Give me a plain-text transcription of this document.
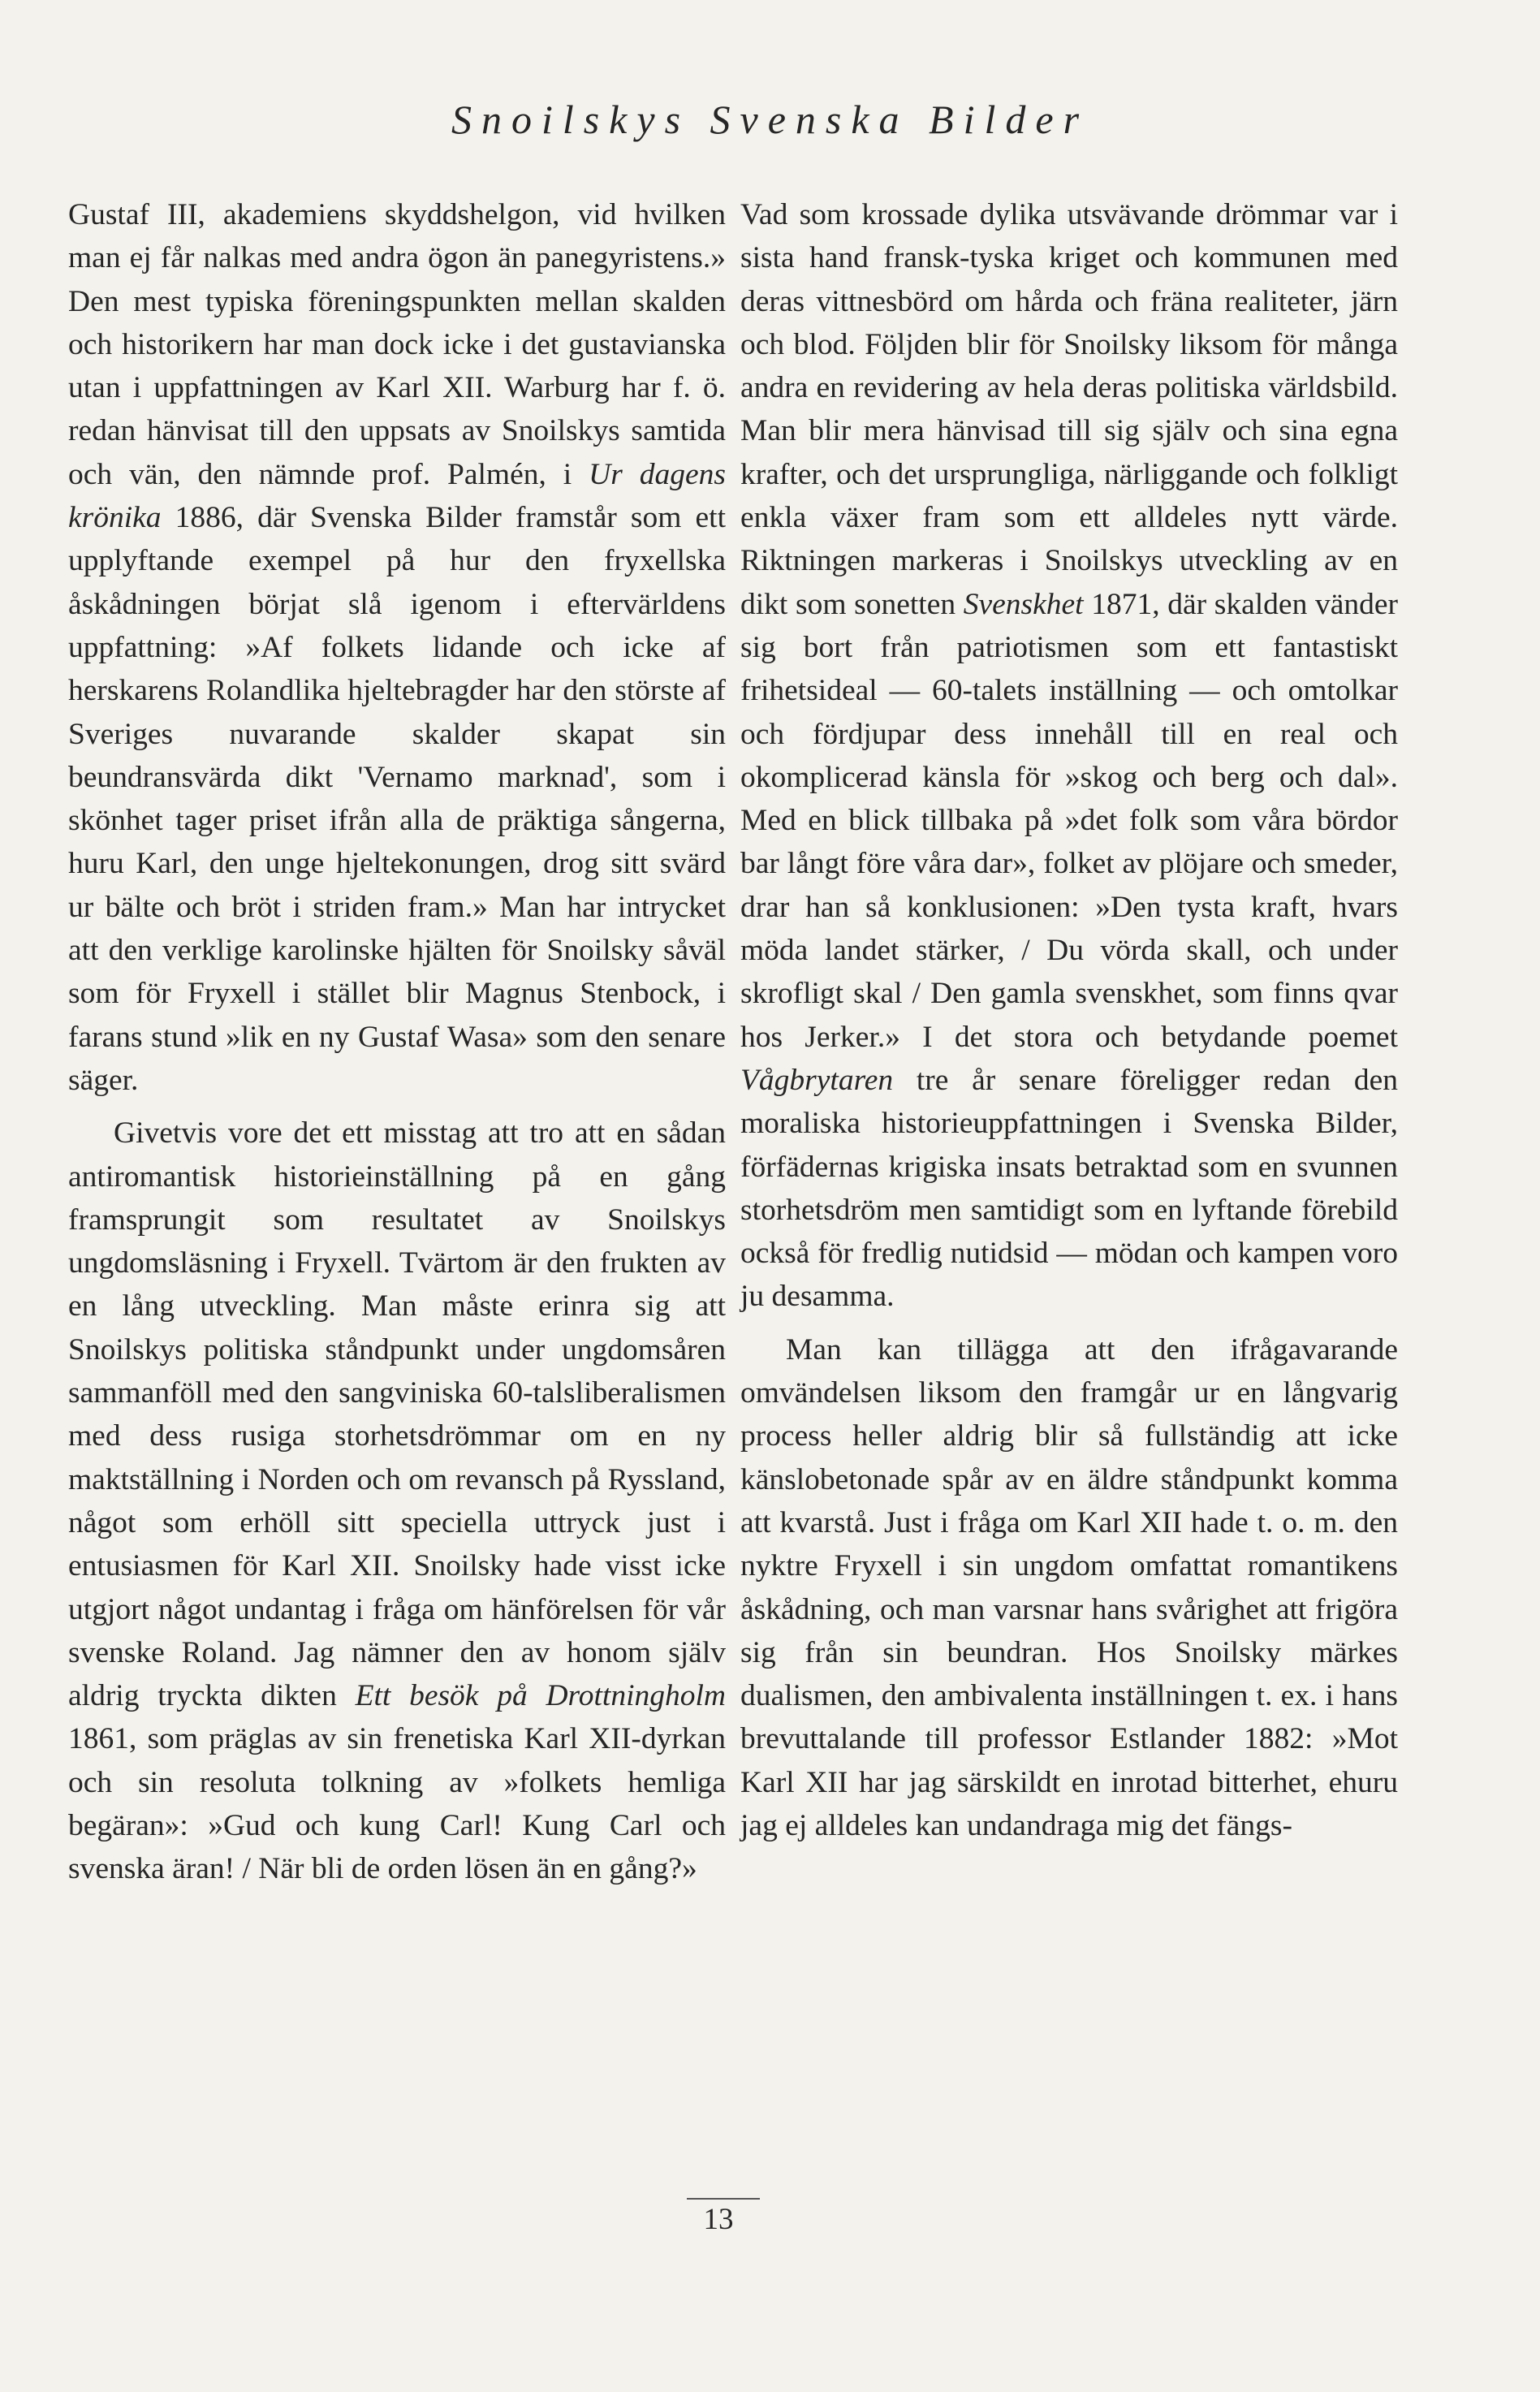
Snoilskys Svenska Bilder

Gustaf III, akademiens skyddshelgon, vid hvilken man ej får nalkas med andra ögon än panegyristens.» Den mest typiska föreningspunkten mellan skalden och historikern har man dock icke i det gustavianska utan i uppfattningen av Karl XII. Warburg har f. ö. redan hänvisat till den uppsats av Snoilskys samtida och vän, den nämnde prof. Palmén, i Ur dagens krönika 1886, där Svenska Bilder framstår som ett upplyftande exempel på hur den fryxellska åskådningen börjat slå igenom i eftervärldens uppfattning: »Af folkets lidande och icke af herskarens Rolandlika hjeltebragder har den störste af Sveriges nuvarande skalder skapat sin beundransvärda dikt 'Vernamo marknad', som i skönhet tager priset ifrån alla de präktiga sångerna, huru Karl, den unge hjeltekonungen, drog sitt svärd ur bälte och bröt i striden fram.» Man har intrycket att den verklige karolinske hjälten för Snoilsky såväl som för Fryxell i stället blir Magnus Stenbock, i farans stund »lik en ny Gustaf Wasa» som den senare säger.

Givetvis vore det ett misstag att tro att en sådan antiromantisk historieinställning på en gång framsprungit som resultatet av Snoilskys ungdomsläsning i Fryxell. Tvärtom är den frukten av en lång utveckling. Man måste erinra sig att Snoilskys politiska ståndpunkt under ungdomsåren sammanföll med den sangviniska 60-talsliberalismen med dess rusiga storhetsdrömmar om en ny maktställning i Norden och om revansch på Ryssland, något som erhöll sitt speciella uttryck just i entusiasmen för Karl XII. Snoilsky hade visst icke utgjort något undantag i fråga om hänförelsen för vår svenske Roland. Jag nämner den av honom själv aldrig tryckta dikten Ett besök på Drottningholm 1861, som präglas av sin frenetiska Karl XII-dyrkan och sin resoluta tolkning av »folkets hemliga begäran»: »Gud och kung Carl! Kung Carl och svenska äran! / När bli de orden lösen än en gång?»

Vad som krossade dylika utsvävande drömmar var i sista hand fransk-tyska kriget och kommunen med deras vittnesbörd om hårda och fräna realiteter, järn och blod. Följden blir för Snoilsky liksom för många andra en revidering av hela deras politiska världsbild. Man blir mera hänvisad till sig själv och sina egna krafter, och det ursprungliga, närliggande och folkligt enkla växer fram som ett alldeles nytt värde. Riktningen markeras i Snoilskys utveckling av en dikt som sonetten Svenskhet 1871, där skalden vänder sig bort från patriotismen som ett fantastiskt frihetsideal — 60-talets inställning — och omtolkar och fördjupar dess innehåll till en real och okomplicerad känsla för »skog och berg och dal». Med en blick tillbaka på »det folk som våra bördor bar långt före våra dar», folket av plöjare och smeder, drar han så konklusionen: »Den tysta kraft, hvars möda landet stärker, / Du vörda skall, och under skrofligt skal / Den gamla svenskhet, som finns qvar hos Jerker.» I det stora och betydande poemet Vågbrytaren tre år senare föreligger redan den moraliska historieuppfattningen i Svenska Bilder, förfädernas krigiska insats betraktad som en svunnen storhetsdröm men samtidigt som en lyftande förebild också för fredlig nutidsid — mödan och kampen voro ju desamma.

Man kan tillägga att den ifrågavarande omvändelsen liksom den framgår ur en långvarig process heller aldrig blir så fullständig att icke känslobetonade spår av en äldre ståndpunkt komma att kvarstå. Just i fråga om Karl XII hade t. o. m. den nyktre Fryxell i sin ungdom omfattat romantikens åskådning, och man varsnar hans svårighet att frigöra sig från sin beundran. Hos Snoilsky märkes dualismen, den ambivalenta inställningen t. ex. i hans brevuttalande till professor Estlander 1882: »Mot Karl XII har jag särskildt en inrotad bitterhet, ehuru jag ej alldeles kan undandraga mig det fängs-

13
